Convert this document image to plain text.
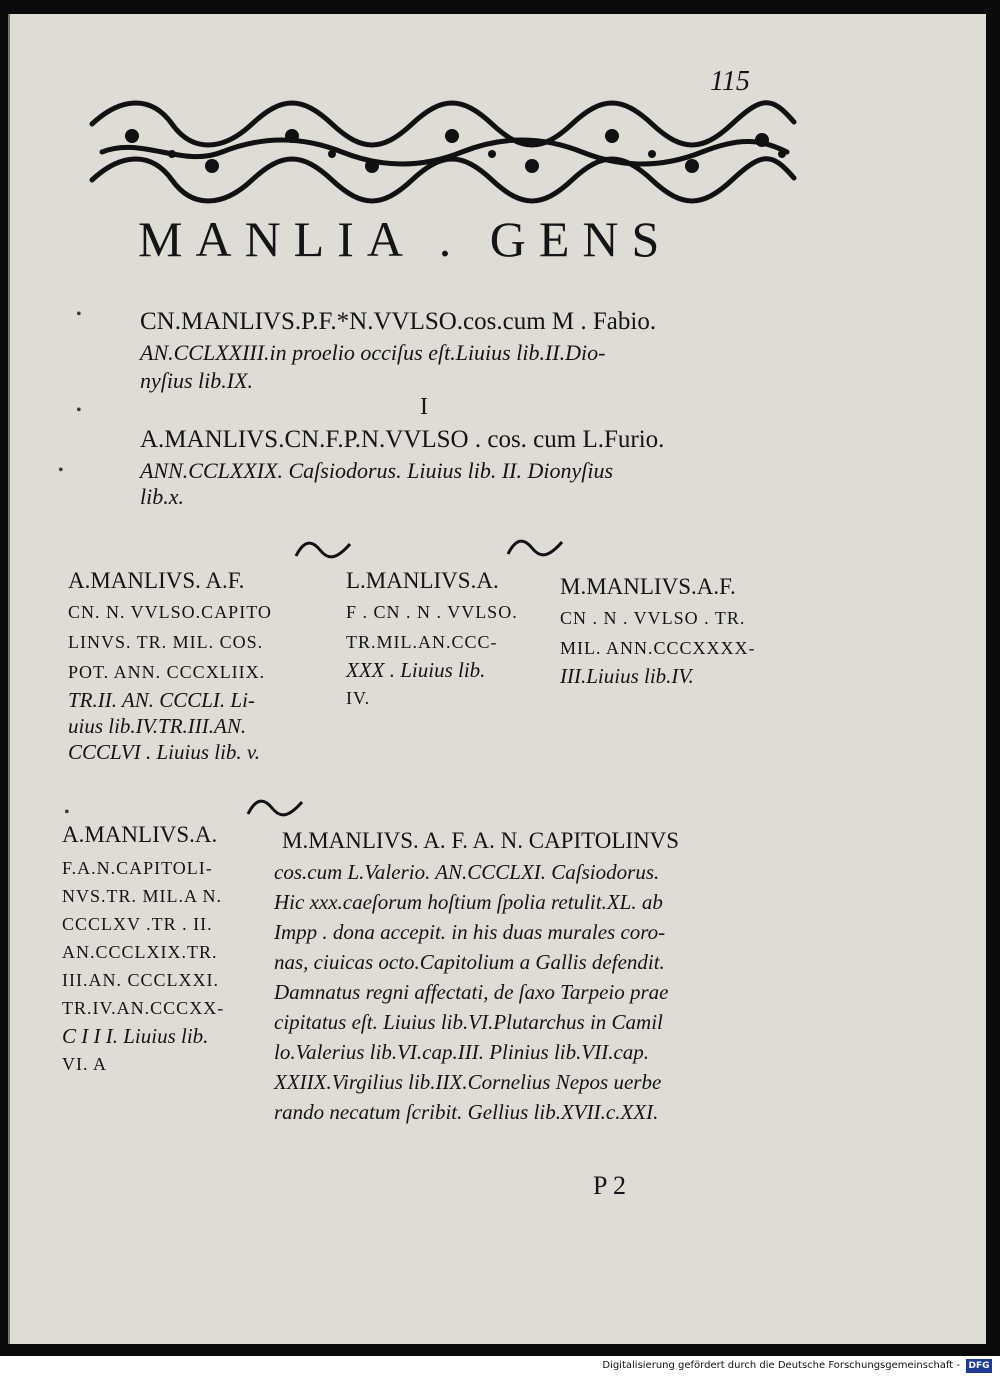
115
MANLIA . GENS
• CN.MANLIVS.P.F.*N.VVLSO.cos.cum M . Fabio.
AN.CCLXXIII.in proelio occiſus eſt.Liuius lib.II.Dio-
nyſius lib.IX.
I
•
A.MANLIVS.CN.F.P.N.VVLSO . cos. cum L.Furio.
ANN.CCLXXIX. Caſsiodorus. Liuius lib. II. Dionyſius
lib.x.
•
A.MANLIVS. A.F.
CN. N. VVLSO.CAPITO
LINVS. TR. MIL. COS.
POT. ANN. CCCXLIIX.
TR.II. AN. CCCLI. Li-
uius lib.IV.TR.III.AN.
CCCLVI . Liuius lib. v.
L.MANLIVS.A.
F . CN . N . VVLSO.
TR.MIL.AN.CCC-
XXX . Liuius lib.
IV.
M.MANLIVS.A.F.
CN . N . VVLSO . TR.
MIL. ANN.CCCXXXX-
III.Liuius lib.IV.
•
A.MANLIVS.A.
F.A.N.CAPITOLI-
NVS.TR. MIL.A N.
CCCLXV .TR . II.
AN.CCCLXIX.TR.
III.AN. CCCLXXI.
TR.IV.AN.CCCXX-
C I I I. Liuius lib.
VI. A
M.MANLIVS. A. F. A. N. CAPITOLINVS
cos.cum L.Valerio. AN.CCCLXI. Caſsiodorus.
Hic xxx.caeſorum hoſtium ſpolia retulit.XL. ab
Impp . dona accepit. in his duas murales coro-
nas, ciuicas octo.Capitolium a Gallis defendit.
Damnatus regni affectati, de ſaxo Tarpeio prae
cipitatus eſt. Liuius lib.VI.Plutarchus in Camil
lo.Valerius lib.VI.cap.III. Plinius lib.VII.cap.
XXIIX.Virgilius lib.IIX.Cornelius Nepos uerbe
rando necatum ſcribit. Gellius lib.XVII.c.XXI.
P 2
Digitalisierung gefördert durch die Deutsche Forschungsgemeinschaft - DFG
